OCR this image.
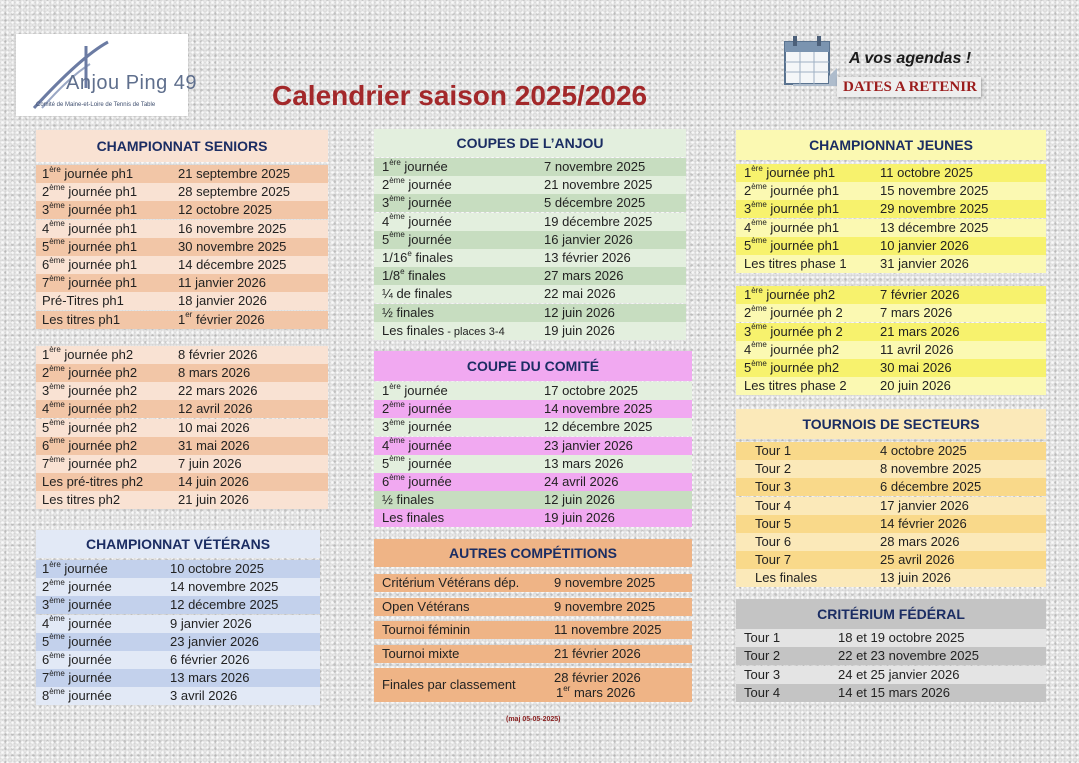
Anjou Ping 49
Comité de Maine-et-Loire de Tennis de Table	Calendrier saison 2025/2026
A vos agendas !
DATES A RETENIR
CHAMPIONNAT SENIORS
1ère journée ph1	21 septembre 2025
2ème journée ph1	28 septembre 2025
3ème journée ph1	12 octobre 2025
4ème journée ph1	16 novembre 2025
5ème journée ph1	30 novembre 2025
6ème journée ph1	14 décembre 2025
7ème journée ph1	11 janvier 2026
Pré-Titres ph1	18 janvier 2026
Les titres ph1	1er février 2026
1ère journée ph2	8 février 2026
2ème journée ph2	8 mars 2026
3ème journée ph2	22 mars 2026
4ème journée ph2	12 avril 2026
5ème journée ph2	10 mai 2026
6ème journée ph2	31 mai 2026
7ème journée ph2	7 juin 2026
Les pré-titres ph2	14 juin 2026
Les titres ph2	21 juin 2026
CHAMPIONNAT VÉTÉRANS
1ère journée	10 octobre 2025
2ème journée	14 novembre 2025
3ème journée	12 décembre 2025
4ème journée	9 janvier 2026
5ème journée	23 janvier 2026
6ème journée	6 février 2026
7ème journée	13 mars 2026
8ème journée	3 avril 2026
COUPES DE L’ANJOU
1ère journée	7 novembre 2025
2ème journée	21 novembre 2025
3ème journée	5 décembre 2025
4ème journée	19 décembre 2025
5ème journée	16 janvier 2026
1/16e finales	13 février 2026
1/8e finales	27 mars 2026
¼ de finales	22 mai 2026
½ finales	12 juin 2026
Les finales - places 3-4	19 juin 2026
COUPE DU COMITÉ
1ère journée	17 octobre 2025
2ème journée	14 novembre 2025
3ème journée	12 décembre 2025
4ème journée	23 janvier 2026
5ème journée	13 mars 2026
6ème journée	24 avril 2026
½ finales	12 juin 2026
Les finales	19 juin 2026
AUTRES COMPÉTITIONS
Critérium Vétérans dép.	9 novembre 2025
Open Vétérans	9 novembre 2025
Tournoi féminin	11 novembre 2025
Tournoi mixte	21 février 2026
Finales par classement	28 février 2026
1er mars 2026
CHAMPIONNAT JEUNES
1ère journée ph1	11 octobre 2025
2ème journée ph1	15 novembre 2025
3ème journée ph1	29 novembre 2025
4ème journée ph1	13 décembre 2025
5ème journée ph1	10 janvier 2026
Les titres phase 1	31 janvier 2026
1ère journée ph2	7 février 2026
2ème journée ph 2	7 mars 2026
3ème journée ph 2	21 mars 2026
4ème journée ph2	11 avril 2026
5ème journée ph2	30 mai 2026
Les titres phase 2	20 juin 2026
TOURNOIS DE SECTEURS
Tour 1	4 octobre 2025
Tour 2	8 novembre 2025
Tour 3	6 décembre 2025
Tour 4	17 janvier 2026
Tour 5	14 février 2026
Tour 6	28 mars 2026
Tour 7	25 avril 2026
Les finales	13 juin 2026
CRITÉRIUM FÉDÉRAL
Tour 1	18 et 19 octobre 2025
Tour 2	22 et 23 novembre 2025
Tour 3	24 et 25 janvier 2026
Tour 4	14 et 15 mars 2026
(maj 05-05-2025)
